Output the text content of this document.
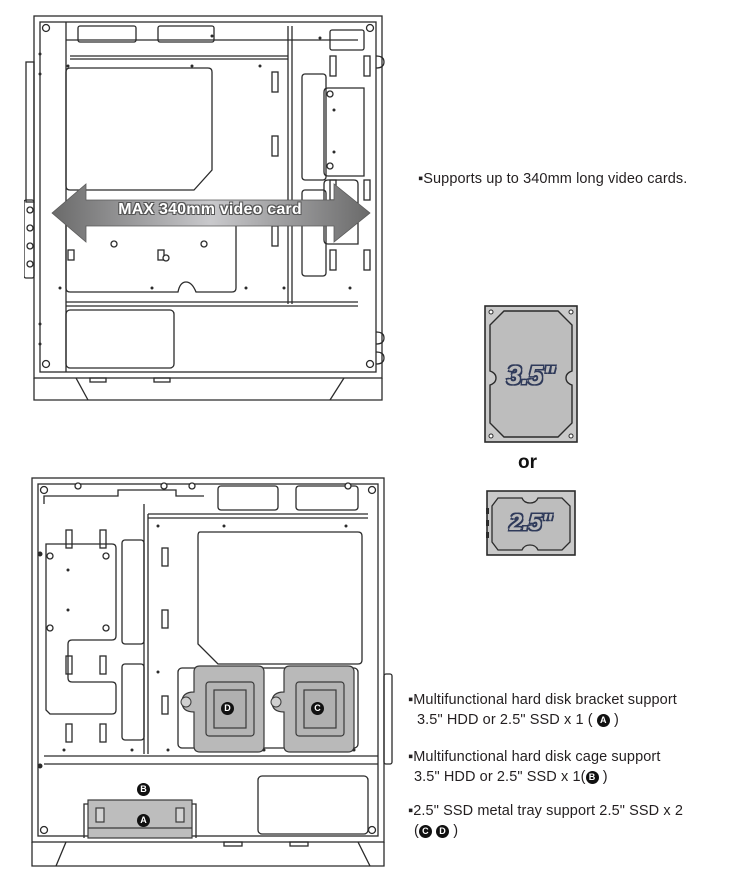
MAX 340mm video card
▪Supports up to 340mm long video cards.
3.5"
or
2.5"
D	C
B
A
▪Multifunctional hard disk bracket support
3.5" HDD or 2.5" SSD x 1 ( A )
▪Multifunctional hard disk cage support
3.5" HDD or 2.5" SSD x 1( B )
▪2.5" SSD metal tray support 2.5" SSD x 2
( C D )
